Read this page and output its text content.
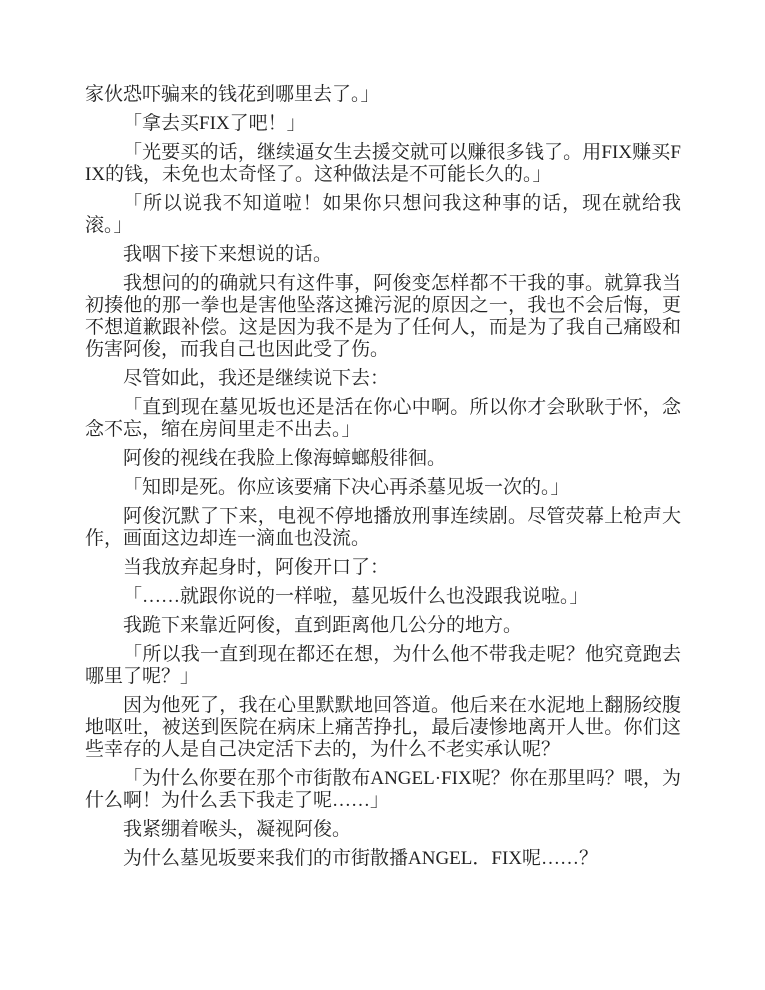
家伙恐吓骗来的钱花到哪里去了。」

「拿去买FIX了吧！」

「光要买的话，继续逼女生去援交就可以赚很多钱了。用FIX赚买FIX的钱，未免也太奇怪了。这种做法是不可能长久的。」

「所以说我不知道啦！如果你只想问我这种事的话，现在就给我滚。」

我咽下接下来想说的话。

我想问的的确就只有这件事，阿俊变怎样都不干我的事。就算我当初揍他的那一拳也是害他坠落这摊污泥的原因之一，我也不会后悔，更不想道歉跟补偿。这是因为我不是为了任何人，而是为了我自己痛殴和伤害阿俊，而我自己也因此受了伤。

尽管如此，我还是继续说下去：

「直到现在墓见坂也还是活在你心中啊。所以你才会耿耿于怀，念念不忘，缩在房间里走不出去。」

阿俊的视线在我脸上像海蟑螂般徘徊。

「知即是死。你应该要痛下决心再杀墓见坂一次的。」

阿俊沉默了下来，电视不停地播放刑事连续剧。尽管荧幕上枪声大作，画面这边却连一滴血也没流。

当我放弃起身时，阿俊开口了：

「……就跟你说的一样啦，墓见坂什么也没跟我说啦。」

我跪下来靠近阿俊，直到距离他几公分的地方。

「所以我一直到现在都还在想，为什么他不带我走呢？他究竟跑去哪里了呢？」

因为他死了，我在心里默默地回答道。他后来在水泥地上翻肠绞腹地呕吐，被送到医院在病床上痛苦挣扎，最后凄惨地离开人世。你们这些幸存的人是自己决定活下去的，为什么不老实承认呢？

「为什么你要在那个市街散布ANGEL·FIX呢？你在那里吗？喂，为什么啊！为什么丢下我走了呢……」

我紧绷着喉头，凝视阿俊。

为什么墓见坂要来我们的市街散播ANGEL．FIX呢……？
